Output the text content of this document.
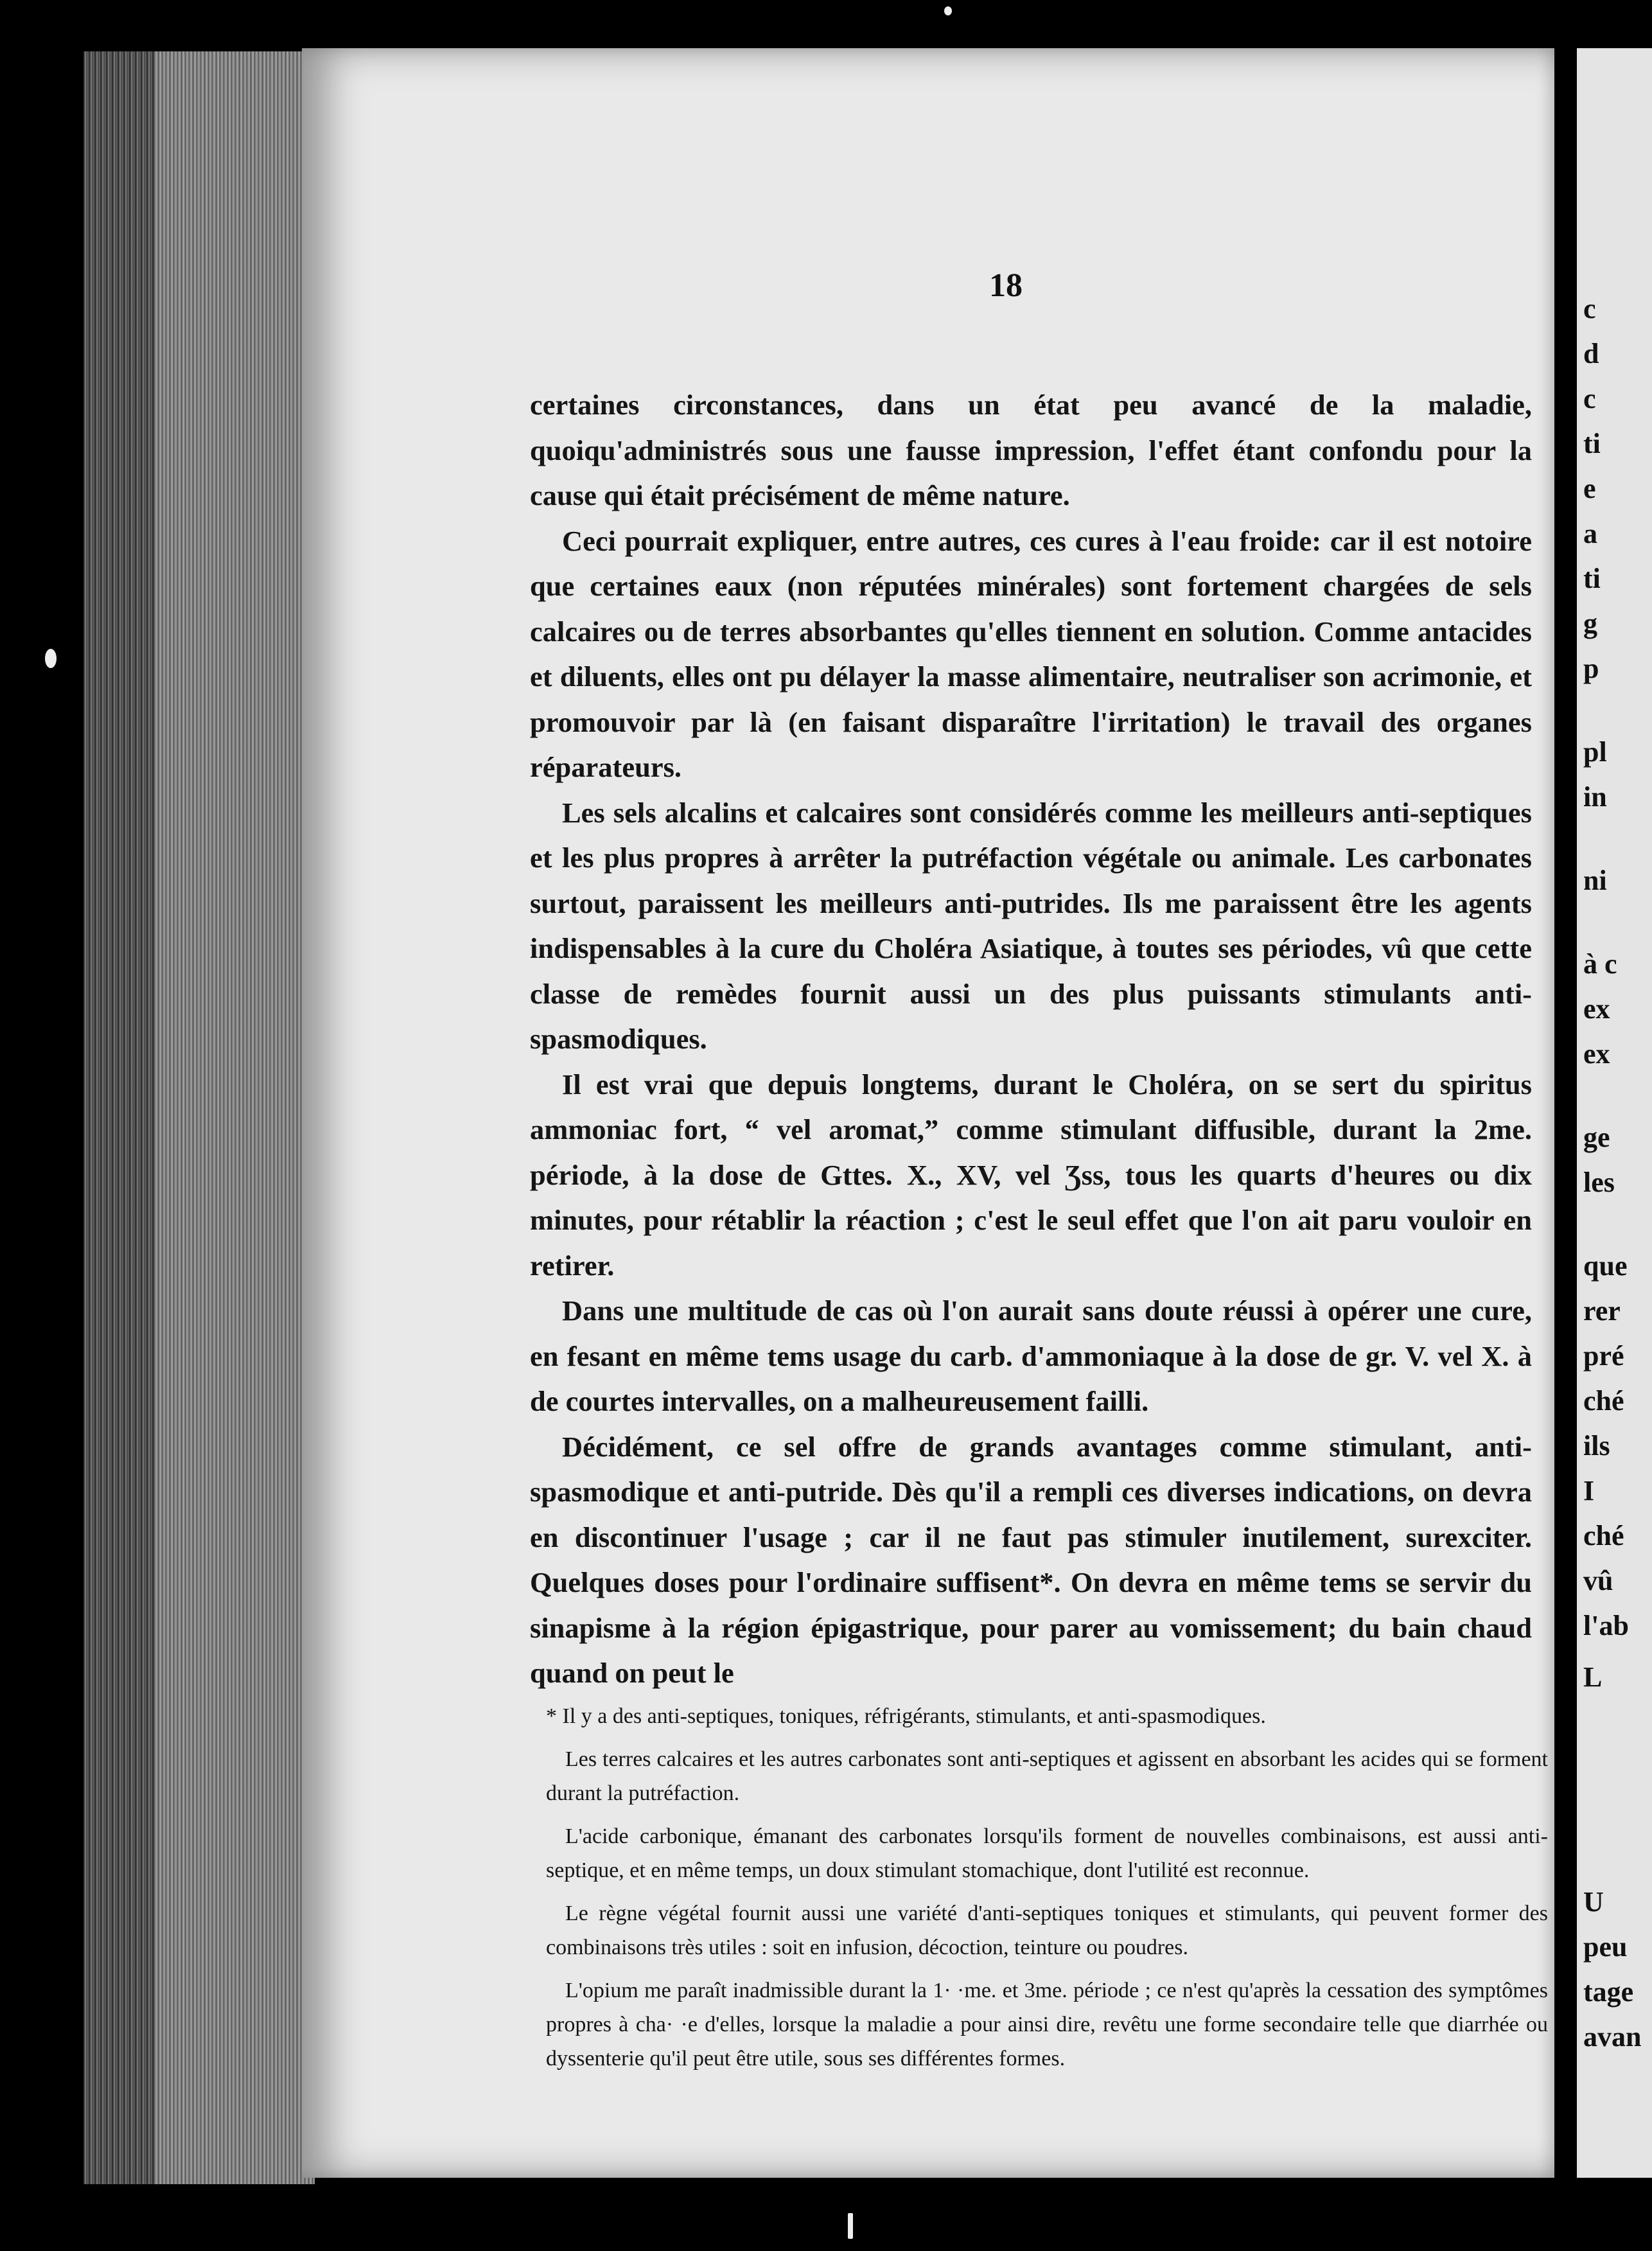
18

certaines circonstances, dans un état peu avancé de la maladie, quoiqu'administrés sous une fausse impression, l'effet étant confondu pour la cause qui était précisément de même nature.

Ceci pourrait expliquer, entre autres, ces cures à l'eau froide: car il est notoire que certaines eaux (non réputées minérales) sont fortement chargées de sels calcaires ou de terres absorbantes qu'elles tiennent en solution. Comme antacides et diluents, elles ont pu délayer la masse alimentaire, neutraliser son acrimonie, et promouvoir par là (en faisant disparaître l'irritation) le travail des organes réparateurs.

Les sels alcalins et calcaires sont considérés comme les meilleurs anti-septiques et les plus propres à arrêter la putréfaction végétale ou animale. Les carbonates surtout, paraissent les meilleurs anti-putrides. Ils me paraissent être les agents indispensables à la cure du Choléra Asiatique, à toutes ses périodes, vû que cette classe de remèdes fournit aussi un des plus puissants stimulants anti-spasmodiques.

Il est vrai que depuis longtems, durant le Choléra, on se sert du spiritus ammoniac fort, “ vel aromat,” comme stimulant diffusible, durant la 2me. période, à la dose de Gttes. X., XV, vel Ʒss, tous les quarts d'heures ou dix minutes, pour rétablir la réaction ; c'est le seul effet que l'on ait paru vouloir en retirer.

Dans une multitude de cas où l'on aurait sans doute réussi à opérer une cure, en fesant en même tems usage du carb. d'ammoniaque à la dose de gr. V. vel X. à de courtes intervalles, on a malheureusement failli.

Décidément, ce sel offre de grands avantages comme stimulant, anti-spasmodique et anti-putride. Dès qu'il a rempli ces diverses indications, on devra en discontinuer l'usage ; car il ne faut pas stimuler inutilement, surexciter. Quelques doses pour l'ordinaire suffisent*. On devra en même tems se servir du sinapisme à la région épigastrique, pour parer au vomissement; du bain chaud quand on peut le

* Il y a des anti-septiques, toniques, réfrigérants, stimulants, et anti-spasmodiques.

Les terres calcaires et les autres carbonates sont anti-septiques et agissent en absorbant les acides qui se forment durant la putréfaction.

L'acide carbonique, émanant des carbonates lorsqu'ils forment de nouvelles combinaisons, est aussi anti-septique, et en même temps, un doux stimulant stomachique, dont l'utilité est reconnue.

Le règne végétal fournit aussi une variété d'anti-septiques toniques et stimulants, qui peuvent former des combinaisons très utiles : soit en infusion, décoction, teinture ou poudres.

L'opium me paraît inadmissible durant la 1· ·me. et 3me. période ; ce n'est qu'après la cessation des symptômes propres à cha· ·e d'elles, lorsque la maladie a pour ainsi dire, revêtu une forme secondaire telle que diarrhée ou dyssenterie qu'il peut être utile, sous ses différentes formes.

c
d
c
ti
e
a
ti
g
p
pl
in
ni
à c
ex
ex
ge
les
que
rer
pré
ché
ils
I
ché
vû
l'ab
L
U
peu
tage
avan
